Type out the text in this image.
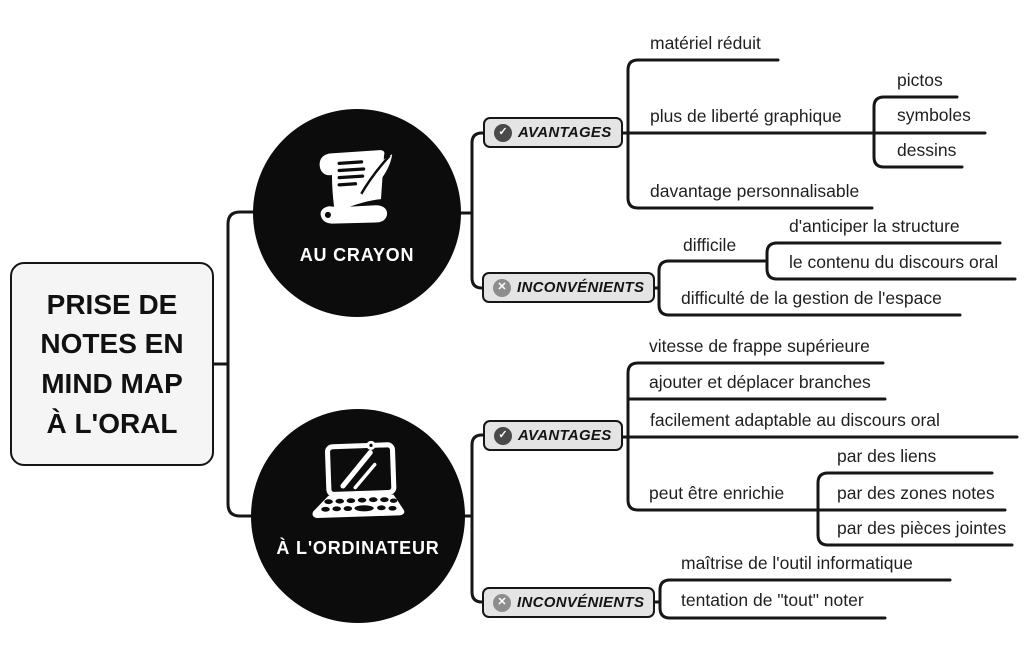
PRISE DE
NOTES EN
MIND MAP
À L'ORAL
AU CRAYON
À L'ORDINATEUR
✓ AVANTAGES
✕ INCONVÉNIENTS
✓ AVANTAGES
✕ INCONVÉNIENTS
matériel réduit
plus de liberté graphique
pictos
symboles
dessins
davantage personnalisable
difficile
d'anticiper la structure
le contenu du discours oral
difficulté de la gestion de l'espace
vitesse de frappe supérieure
ajouter et déplacer branches
facilement adaptable au discours oral
peut être enrichie
par des liens
par des zones notes
par des pièces jointes
maîtrise de l'outil informatique
tentation de "tout" noter
